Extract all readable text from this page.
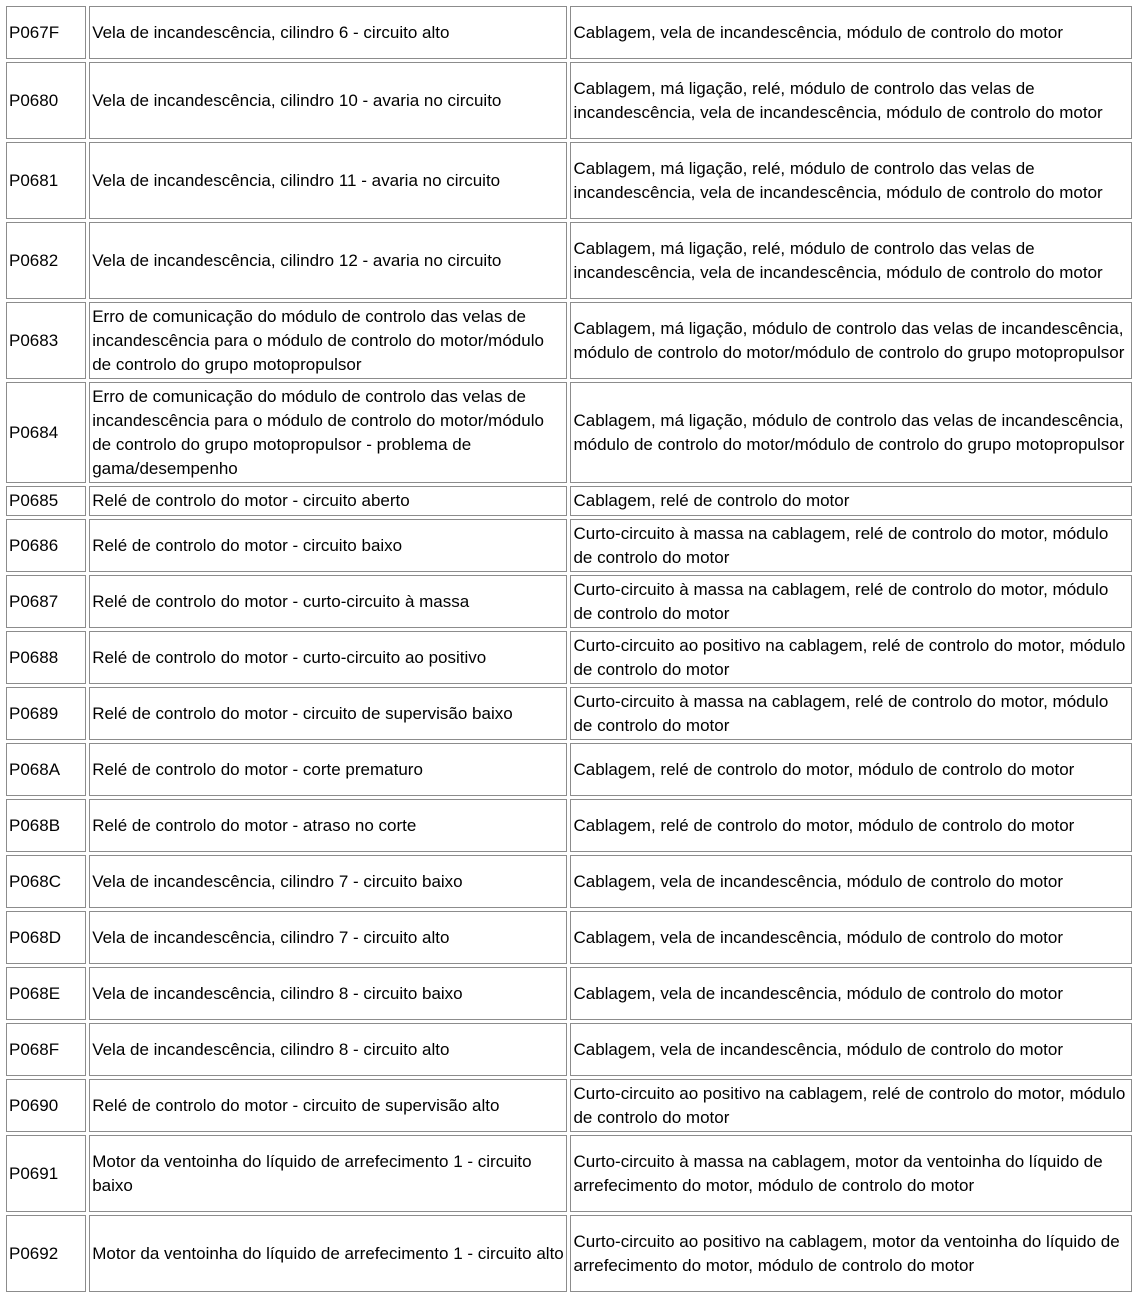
P067F	Vela de incandescência, cilindro 6 - circuito alto	Cablagem, vela de incandescência, módulo de controlo do motor
P0680	Vela de incandescência, cilindro 10 - avaria no circuito	Cablagem, má ligação, relé, módulo de controlo das velas de incandescência, vela de incandescência, módulo de controlo do motor
P0681	Vela de incandescência, cilindro 11 - avaria no circuito	Cablagem, má ligação, relé, módulo de controlo das velas de incandescência, vela de incandescência, módulo de controlo do motor
P0682	Vela de incandescência, cilindro 12 - avaria no circuito	Cablagem, má ligação, relé, módulo de controlo das velas de incandescência, vela de incandescência, módulo de controlo do motor
P0683	Erro de comunicação do módulo de controlo das velas de incandescência para o módulo de controlo do motor/módulo de controlo do grupo motopropulsor	Cablagem, má ligação, módulo de controlo das velas de incandescência, módulo de controlo do motor/módulo de controlo do grupo motopropulsor
P0684	Erro de comunicação do módulo de controlo das velas de incandescência para o módulo de controlo do motor/módulo de controlo do grupo motopropulsor - problema de gama/desempenho	Cablagem, má ligação, módulo de controlo das velas de incandescência, módulo de controlo do motor/módulo de controlo do grupo motopropulsor
P0685	Relé de controlo do motor - circuito aberto	Cablagem, relé de controlo do motor
P0686	Relé de controlo do motor - circuito baixo	Curto-circuito à massa na cablagem, relé de controlo do motor, módulo de controlo do motor
P0687	Relé de controlo do motor - curto-circuito à massa	Curto-circuito à massa na cablagem, relé de controlo do motor, módulo de controlo do motor
P0688	Relé de controlo do motor - curto-circuito ao positivo	Curto-circuito ao positivo na cablagem, relé de controlo do motor, módulo de controlo do motor
P0689	Relé de controlo do motor - circuito de supervisão baixo	Curto-circuito à massa na cablagem, relé de controlo do motor, módulo de controlo do motor
P068A	Relé de controlo do motor - corte prematuro	Cablagem, relé de controlo do motor, módulo de controlo do motor
P068B	Relé de controlo do motor - atraso no corte	Cablagem, relé de controlo do motor, módulo de controlo do motor
P068C	Vela de incandescência, cilindro 7 - circuito baixo	Cablagem, vela de incandescência, módulo de controlo do motor
P068D	Vela de incandescência, cilindro 7 - circuito alto	Cablagem, vela de incandescência, módulo de controlo do motor
P068E	Vela de incandescência, cilindro 8 - circuito baixo	Cablagem, vela de incandescência, módulo de controlo do motor
P068F	Vela de incandescência, cilindro 8 - circuito alto	Cablagem, vela de incandescência, módulo de controlo do motor
P0690	Relé de controlo do motor - circuito de supervisão alto	Curto-circuito ao positivo na cablagem, relé de controlo do motor, módulo de controlo do motor
P0691	Motor da ventoinha do líquido de arrefecimento 1 - circuito baixo	Curto-circuito à massa na cablagem, motor da ventoinha do líquido de arrefecimento do motor, módulo de controlo do motor
P0692	Motor da ventoinha do líquido de arrefecimento 1 - circuito alto	Curto-circuito ao positivo na cablagem, motor da ventoinha do líquido de arrefecimento do motor, módulo de controlo do motor
